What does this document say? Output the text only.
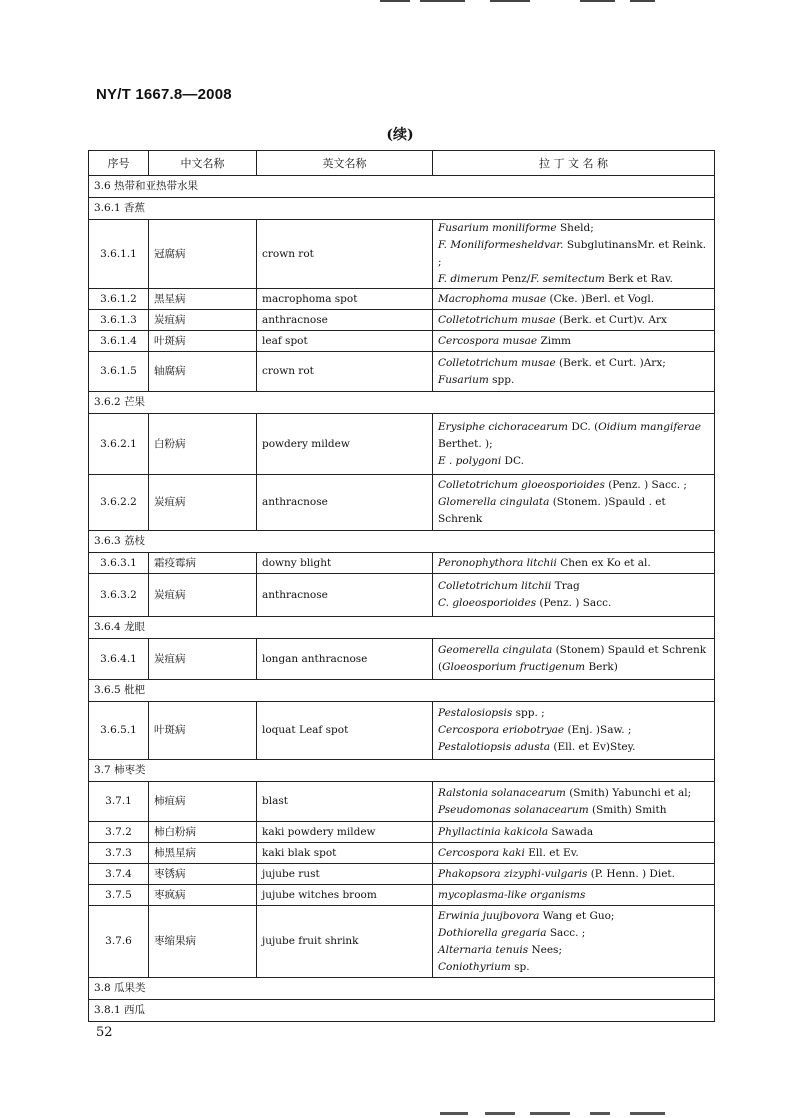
NY/T 1667.8—2008
(续)
序号	中文名称	英文名称	拉 丁 文 名 称
3.6 热带和亚热带水果			
3.6.1 香蕉			
3.6.1.1	冠腐病	crown rot	Fusarium moniliforme Sheld;
F. Moniliformesheldvar. SubglutinansMr. et Reink. ;
F. dimerum Penz/F. semitectum Berk et Rav.

3.6.1.2	黑星病	macrophoma spot	Macrophoma musae (Cke. )Berl. et Vogl.

3.6.1.3	炭疽病	anthracnose	Colletotrichum musae (Berk. et Curt)v. Arx

3.6.1.4	叶斑病	leaf spot	Cercospora musae Zimm

3.6.1.5	轴腐病	crown rot	Colletotrichum musae (Berk. et Curt. )Arx;
Fusarium spp.

3.6.2 芒果			
3.6.2.1	白粉病	powdery mildew	Erysiphe cichoracearum DC. (Oidium mangiferae
Berthet. );
E . polygoni DC.

3.6.2.2	炭疽病	anthracnose	Colletotrichum gloeosporioides (Penz. ) Sacc. ;
Glomerella cingulata (Stonem. )Spauld . et Schrenk

3.6.3 荔枝			
3.6.3.1	霜疫霉病	downy blight	Peronophythora litchii Chen ex Ko et al.

3.6.3.2	炭疽病	anthracnose	Colletotrichum litchii Trag
C. gloeosporioides (Penz. ) Sacc.

3.6.4 龙眼			
3.6.4.1	炭疽病	longan anthracnose	Geomerella cingulata (Stonem) Spauld et Schrenk
(Gloeosporium fructigenum Berk)

3.6.5 枇杷			
3.6.5.1	叶斑病	loquat Leaf spot	Pestalosiopsis spp. ;
Cercospora eriobotryae (Enj. )Saw. ;
Pestalotiopsis adusta (Ell. et Ev)Stey.

3.7 柿枣类			
3.7.1	柿疽病	blast	Ralstonia solanacearum (Smith) Yabunchi et al;
Pseudomonas solanacearum (Smith) Smith

3.7.2	柿白粉病	kaki powdery mildew	Phyllactinia kakicola Sawada

3.7.3	柿黑星病	kaki blak spot	Cercospora kaki Ell. et Ev.

3.7.4	枣锈病	jujube rust	Phakopsora zizyphi-vulgaris (P. Henn. ) Diet.

3.7.5	枣疯病	jujube witches broom	mycoplasma-like organisms

3.7.6	枣缩果病	jujube fruit shrink	Erwinia juujbovora Wang et Guo;
Dothiorella gregaria Sacc. ;
Alternaria tenuis Nees;
Coniothyrium sp.

3.8 瓜果类			
3.8.1 西瓜			
52
